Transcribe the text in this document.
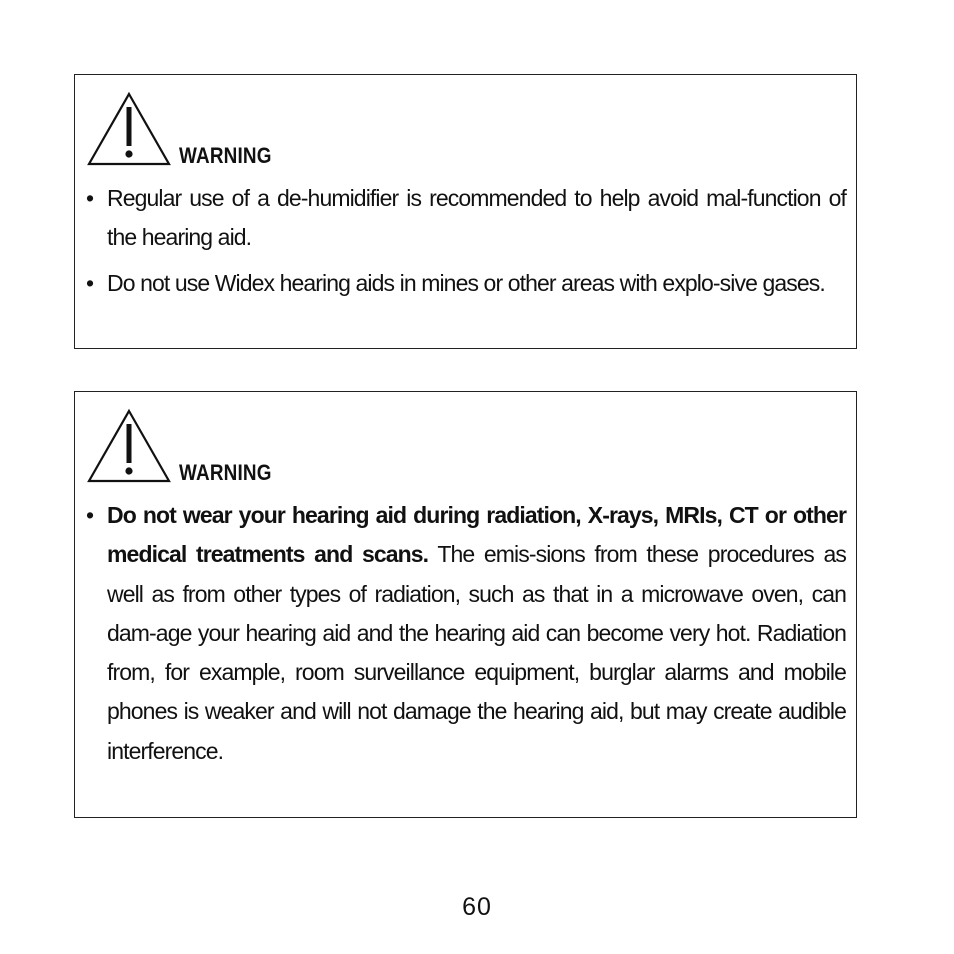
WARNING
• Regular use of a de-humidifier is recommended to help avoid mal-function of the hearing aid.
• Do not use Widex hearing aids in mines or other areas with explo-sive gases.
WARNING
• Do not wear your hearing aid during radiation, X-rays, MRIs, CT or other medical treatments and scans. The emis-sions from these procedures as well as from other types of radiation, such as that in a microwave oven, can dam-age your hearing aid and the hearing aid can become very hot. Radiation from, for example, room surveillance equipment, burglar alarms and mobile phones is weaker and will not damage the hearing aid, but may create audible interference.
60
